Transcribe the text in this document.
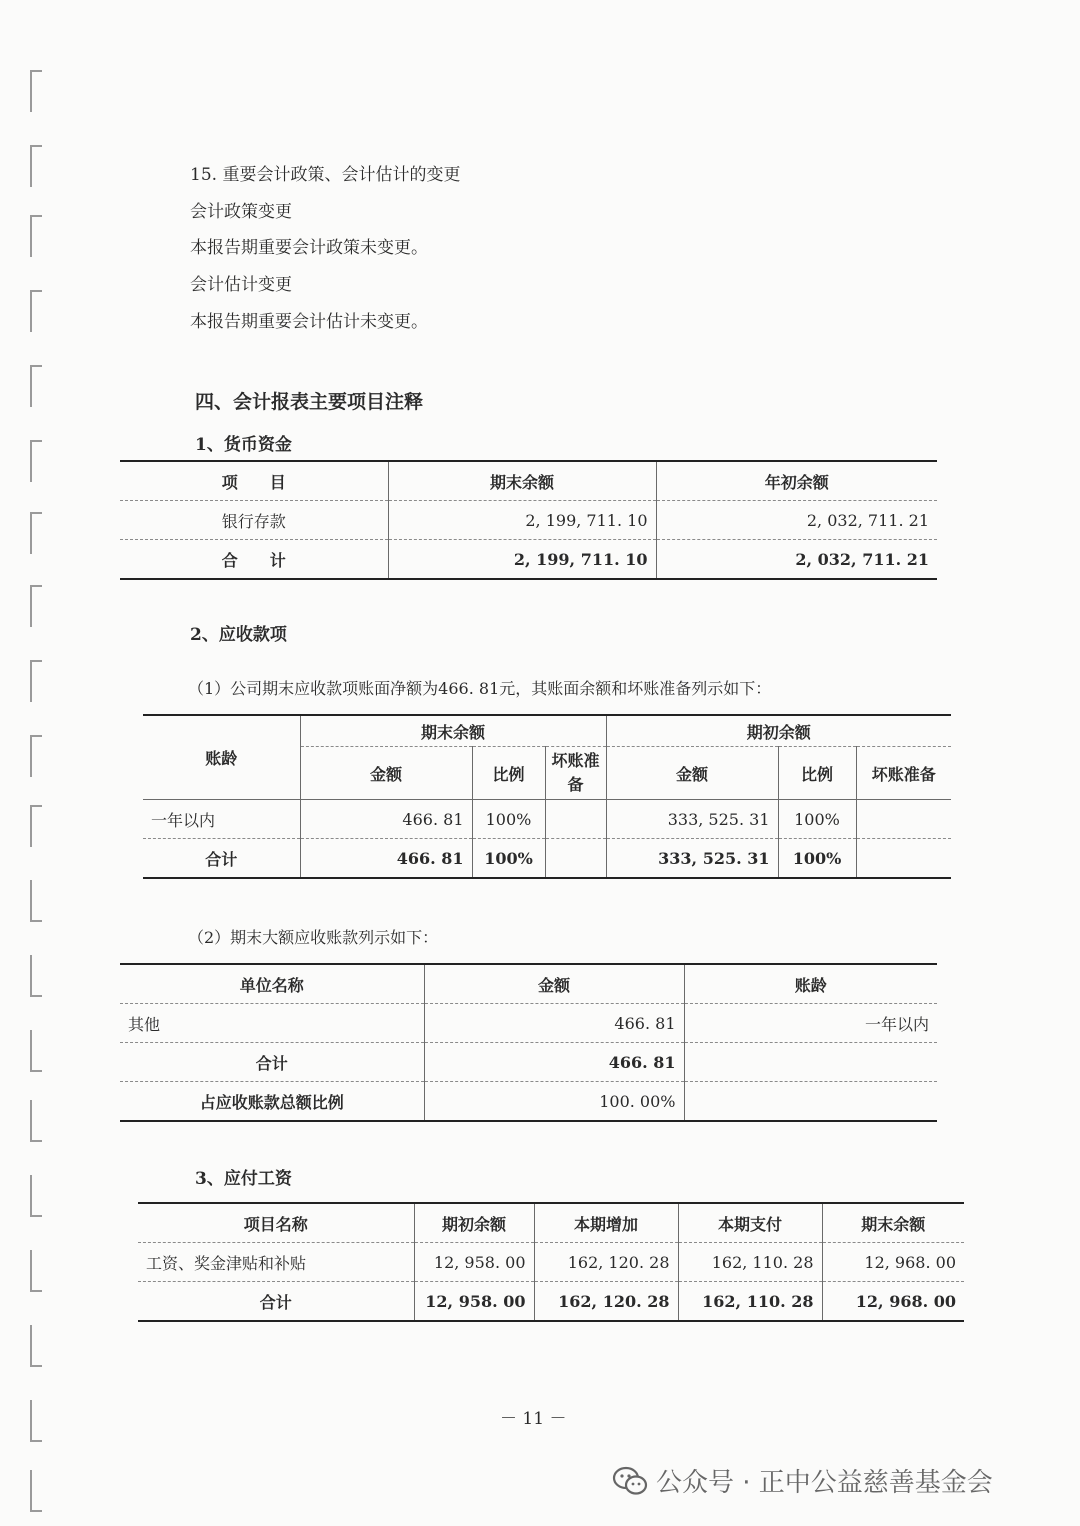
15. 重要会计政策、会计估计的变更
会计政策变更
本报告期重要会计政策未变更。
会计估计变更
本报告期重要会计估计未变更。
四、会计报表主要项目注释
1、货币资金
项　　目	期末余额	年初余额
银行存款	2, 199, 711. 10	2, 032, 711. 21
合　　计	2, 199, 711. 10	2, 032, 711. 21
2、应收款项
（1）公司期末应收款项账面净额为466. 81元，其账面余额和坏账准备列示如下：
账龄	期末余额			期初余额		
	金额	比例	坏账准备	金额	比例	坏账准备
一年以内	466. 81	100%		333, 525. 31	100%	
合计	466. 81	100%		333, 525. 31	100%	
（2）期末大额应收账款列示如下：
单位名称	金额	账龄
其他	466. 81	一年以内
合计	466. 81	
占应收账款总额比例	100. 00%	
3、应付工资
项目名称	期初余额	本期增加	本期支付	期末余额
工资、奖金津贴和补贴	12, 958. 00	162, 120. 28	162, 110. 28	12, 968. 00
合计	12, 958. 00	162, 120. 28	162, 110. 28	12, 968. 00
－ 11 －
公众号 · 正中公益慈善基金会
